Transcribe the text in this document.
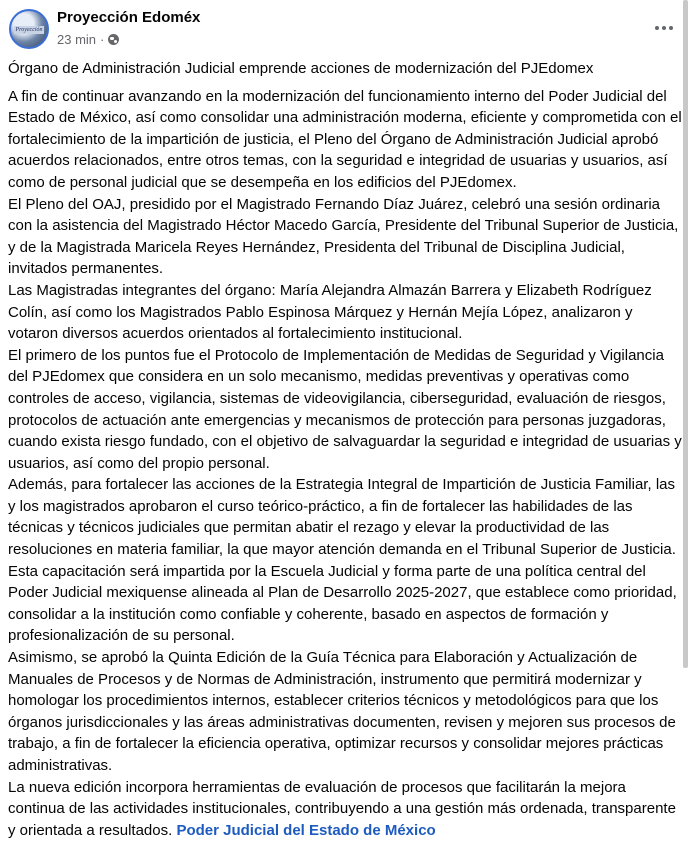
Proyección
Proyección Edoméx
23 min ·

Órgano de Administración Judicial emprende acciones de modernización del PJEdomex

A fin de continuar avanzando en la modernización del funcionamiento interno del Poder Judicial del Estado de México, así como consolidar una administración moderna, eficiente y comprometida con el fortalecimiento de la impartición de justicia, el Pleno del Órgano de Administración Judicial aprobó acuerdos relacionados, entre otros temas, con la seguridad e integridad de usuarias y usuarios, así como de personal judicial que se desempeña en los edificios del PJEdomex.

El Pleno del OAJ, presidido por el Magistrado Fernando Díaz Juárez, celebró una sesión ordinaria con la asistencia del Magistrado Héctor Macedo García, Presidente del Tribunal Superior de Justicia, y de la Magistrada Maricela Reyes Hernández, Presidenta del Tribunal de Disciplina Judicial, invitados permanentes.

Las Magistradas integrantes del órgano: María Alejandra Almazán Barrera y Elizabeth Rodríguez Colín, así como los Magistrados Pablo Espinosa Márquez y Hernán Mejía López, analizaron y votaron diversos acuerdos orientados al fortalecimiento institucional.

El primero de los puntos fue el Protocolo de Implementación de Medidas de Seguridad y Vigilancia del PJEdomex que considera en un solo mecanismo, medidas preventivas y operativas como controles de acceso, vigilancia, sistemas de videovigilancia, ciberseguridad, evaluación de riesgos, protocolos de actuación ante emergencias y mecanismos de protección para personas juzgadoras, cuando exista riesgo fundado, con el objetivo de salvaguardar la seguridad e integridad de usuarias y usuarios, así como del propio personal.

Además, para fortalecer las acciones de la Estrategia Integral de Impartición de Justicia Familiar, las y los magistrados aprobaron el curso teórico-práctico, a fin de fortalecer las habilidades de las técnicas y técnicos judiciales que permitan abatir el rezago y elevar la productividad de las resoluciones en materia familiar, la que mayor atención demanda en el Tribunal Superior de Justicia.

Esta capacitación será impartida por la Escuela Judicial y forma parte de una política central del Poder Judicial mexiquense alineada al Plan de Desarrollo 2025-2027, que establece como prioridad, consolidar a la institución como confiable y coherente, basado en aspectos de formación y profesionalización de su personal.

Asimismo, se aprobó la Quinta Edición de la Guía Técnica para Elaboración y Actualización de Manuales de Procesos y de Normas de Administración, instrumento que permitirá modernizar y homologar los procedimientos internos, establecer criterios técnicos y metodológicos para que los órganos jurisdiccionales y las áreas administrativas documenten, revisen y mejoren sus procesos de trabajo, a fin de fortalecer la eficiencia operativa, optimizar recursos y consolidar mejores prácticas administrativas.

La nueva edición incorpora herramientas de evaluación de procesos que facilitarán la mejora continua de las actividades institucionales, contribuyendo a una gestión más ordenada, transparente y orientada a resultados. Poder Judicial del Estado de México
